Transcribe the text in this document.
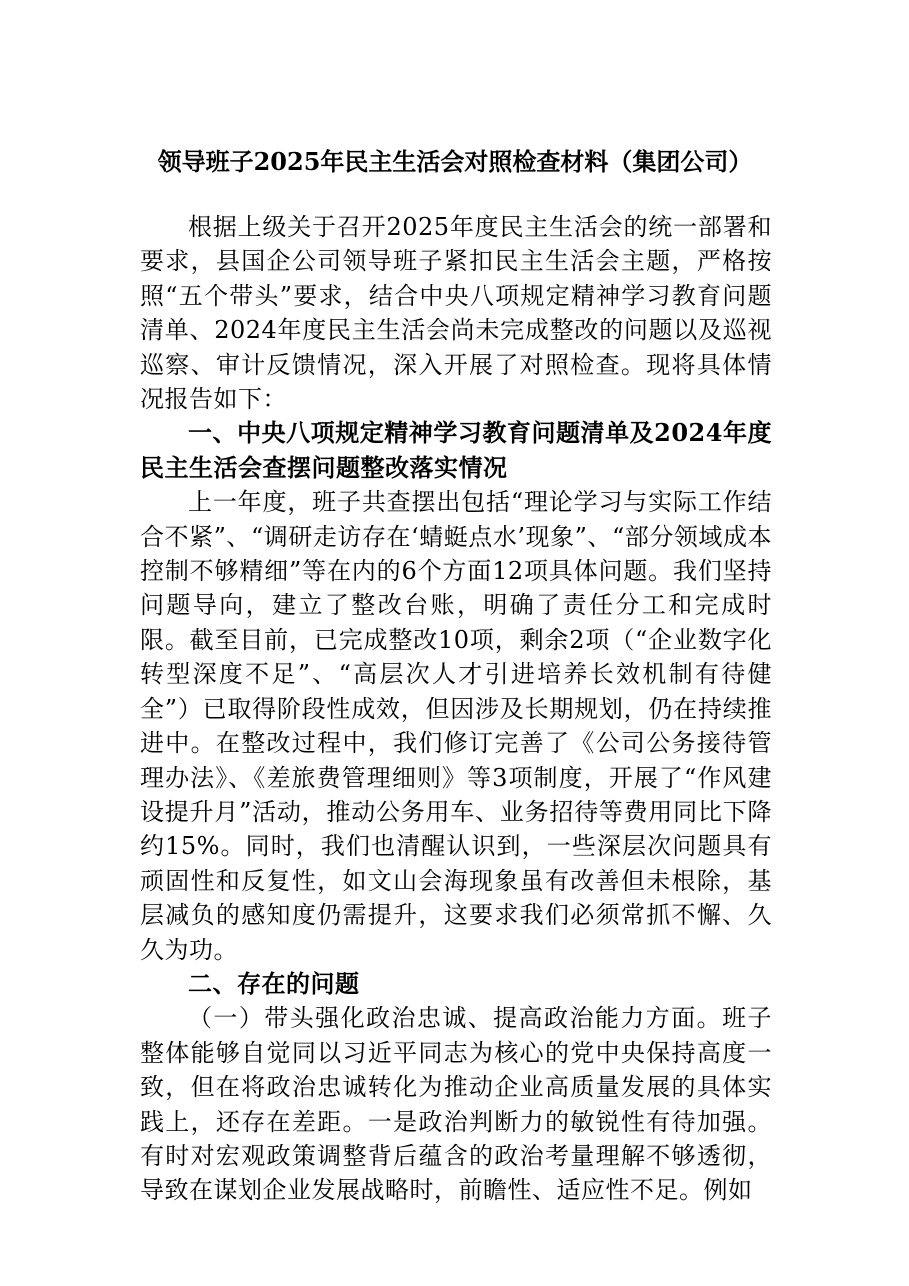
领导班子2025年民主生活会对照检查材料（集团公司）

根据上级关于召开2025年度民主生活会的统一部署和要求，县国企公司领导班子紧扣民主生活会主题，严格按照“五个带头”要求，结合中央八项规定精神学习教育问题清单、2024年度民主生活会尚未完成整改的问题以及巡视巡察、审计反馈情况，深入开展了对照检查。现将具体情况报告如下：

一、中央八项规定精神学习教育问题清单及2024年度民主生活会查摆问题整改落实情况

上一年度，班子共查摆出包括“理论学习与实际工作结合不紧”、“调研走访存在‘蜻蜓点水’现象”、“部分领域成本控制不够精细”等在内的6个方面12项具体问题。我们坚持问题导向，建立了整改台账，明确了责任分工和完成时限。截至目前，已完成整改10项，剩余2项（“企业数字化转型深度不足”、“高层次人才引进培养长效机制有待健全”）已取得阶段性成效，但因涉及长期规划，仍在持续推进中。在整改过程中，我们修订完善了《公司公务接待管理办法》、《差旅费管理细则》等3项制度，开展了“作风建设提升月”活动，推动公务用车、业务招待等费用同比下降约15%。同时，我们也清醒认识到，一些深层次问题具有顽固性和反复性，如文山会海现象虽有改善但未根除，基层减负的感知度仍需提升，这要求我们必须常抓不懈、久久为功。

二、存在的问题

（一）带头强化政治忠诚、提高政治能力方面。班子整体能够自觉同以习近平同志为核心的党中央保持高度一致，但在将政治忠诚转化为推动企业高质量发展的具体实践上，还存在差距。一是政治判断力的敏锐性有待加强。有时对宏观政策调整背后蕴含的政治考量理解不够透彻，导致在谋划企业发展战略时，前瞻性、适应性不足。例如
